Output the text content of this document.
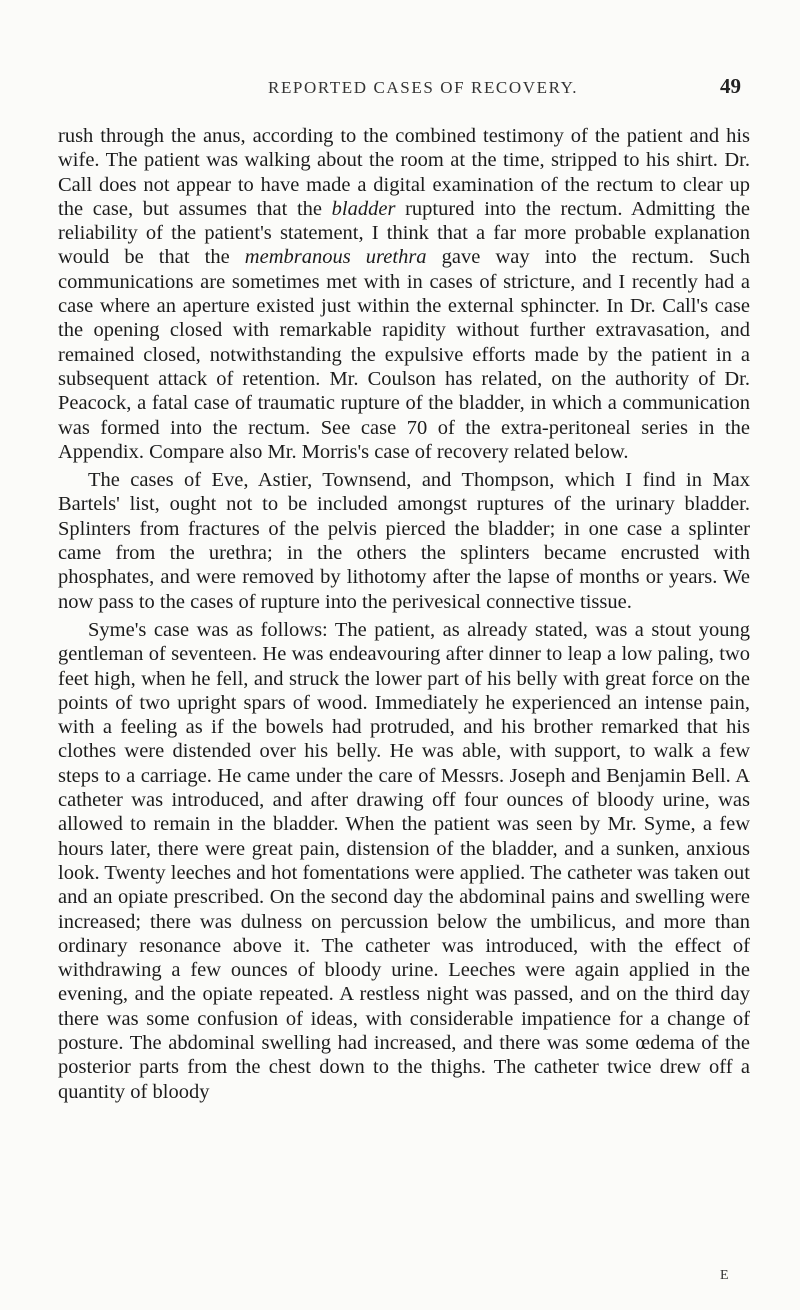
REPORTED CASES OF RECOVERY.	49

rush through the anus, according to the combined testimony of the patient and his wife. The patient was walking about the room at the time, stripped to his shirt. Dr. Call does not appear to have made a digital examination of the rectum to clear up the case, but assumes that the bladder ruptured into the rectum. Admitting the reliability of the patient's statement, I think that a far more probable explanation would be that the membranous urethra gave way into the rectum. Such communications are sometimes met with in cases of stricture, and I recently had a case where an aperture existed just within the external sphincter. In Dr. Call's case the opening closed with remarkable rapidity without further extravasation, and remained closed, notwithstanding the expulsive efforts made by the patient in a subsequent attack of retention. Mr. Coulson has related, on the authority of Dr. Peacock, a fatal case of traumatic rupture of the bladder, in which a communication was formed into the rectum. See case 70 of the extra-peritoneal series in the Appendix. Compare also Mr. Morris's case of recovery related below.

The cases of Eve, Astier, Townsend, and Thompson, which I find in Max Bartels' list, ought not to be included amongst ruptures of the urinary bladder. Splinters from fractures of the pelvis pierced the bladder; in one case a splinter came from the urethra; in the others the splinters became encrusted with phosphates, and were removed by lithotomy after the lapse of months or years. We now pass to the cases of rupture into the perivesical connective tissue.

Syme's case was as follows: The patient, as already stated, was a stout young gentleman of seventeen. He was endeavouring after dinner to leap a low paling, two feet high, when he fell, and struck the lower part of his belly with great force on the points of two upright spars of wood. Immediately he experienced an intense pain, with a feeling as if the bowels had protruded, and his brother remarked that his clothes were distended over his belly. He was able, with support, to walk a few steps to a carriage. He came under the care of Messrs. Joseph and Benjamin Bell. A catheter was introduced, and after drawing off four ounces of bloody urine, was allowed to remain in the bladder. When the patient was seen by Mr. Syme, a few hours later, there were great pain, distension of the bladder, and a sunken, anxious look. Twenty leeches and hot fomentations were applied. The catheter was taken out and an opiate prescribed. On the second day the abdominal pains and swelling were increased; there was dulness on percussion below the umbilicus, and more than ordinary resonance above it. The catheter was introduced, with the effect of withdrawing a few ounces of bloody urine. Leeches were again applied in the evening, and the opiate repeated. A restless night was passed, and on the third day there was some confusion of ideas, with considerable impatience for a change of posture. The abdominal swelling had increased, and there was some œdema of the posterior parts from the chest down to the thighs. The catheter twice drew off a quantity of bloody

E
